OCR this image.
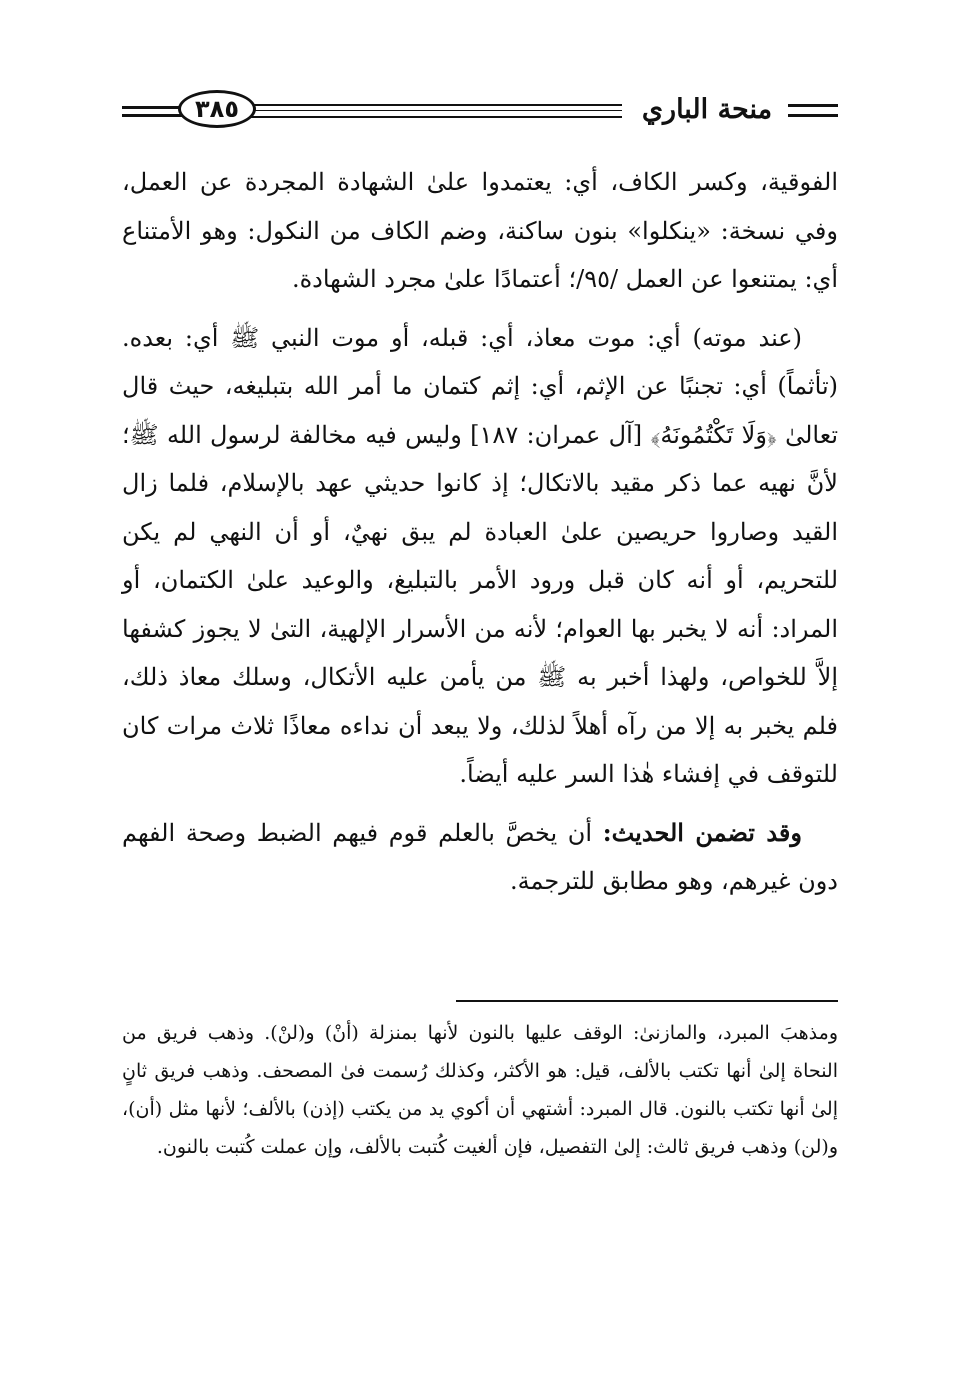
٣٨٥	منحة الباري

الفوقية، وكسر الكاف، أي: يعتمدوا علىٰ الشهادة المجردة عن العمل، وفي نسخة: «ينكلوا» بنون ساكنة، وضم الكاف من النكول: وهو الأمتناع أي: يمتنعوا عن العمل /٩٥/؛ أعتمادًا علىٰ مجرد الشهادة.

(عند موته) أي: موت معاذ، أي: قبله، أو موت النبي ﷺ أي: بعده. (تأثماً) أي: تجنبًا عن الإثم، أي: إثم كتمان ما أمر الله بتبليغه، حيث قال تعالىٰ ﴿وَلَا تَكْتُمُونَهُ﴾ [آل عمران: ١٨٧] وليس فيه مخالفة لرسول الله ﷺ؛ لأنَّ نهيه عما ذكر مقيد بالاتكال؛ إذ كانوا حديثي عهد بالإسلام، فلما زال القيد وصاروا حريصين علىٰ العبادة لم يبق نهيٌ، أو أن النهي لم يكن للتحريم، أو أنه كان قبل ورود الأمر بالتبليغ، والوعيد علىٰ الكتمان، أو المراد: أنه لا يخبر بها العوام؛ لأنه من الأسرار الإلهية، التىٰ لا يجوز كشفها إلاَّ للخواص، ولهذا أخبر به ﷺ من يأمن عليه الأتكال، وسلك معاذ ذلك، فلم يخبر به إلا من رآه أهلاً لذلك، ولا يبعد أن نداءه معاذًا ثلاث مرات كان للتوقف في إفشاء هٰذا السر عليه أيضاً.

وقد تضمن الحديث: أن يخصَّ بالعلم قوم فيهم الضبط وصحة الفهم دون غيرهم، وهو مطابق للترجمة.

ومذهبَ المبرد، والمازنىٰ: الوقف عليها بالنون لأنها بمنزلة (أنْ) و(لنْ). وذهب فريق من النحاة إلىٰ أنها تكتب بالألف، قيل: هو الأكثر، وكذلك رُسمت فىٰ المصحف. وذهب فريق ثانٍ إلىٰ أنها تكتب بالنون. قال المبرد: أشتهي أن أكوي يد من يكتب (إذن) بالألف؛ لأنها مثل (أن)، و(لن) وذهب فريق ثالث: إلىٰ التفصيل، فإن ألغيت كُتبت بالألف، وإن عملت كُتبت بالنون.
